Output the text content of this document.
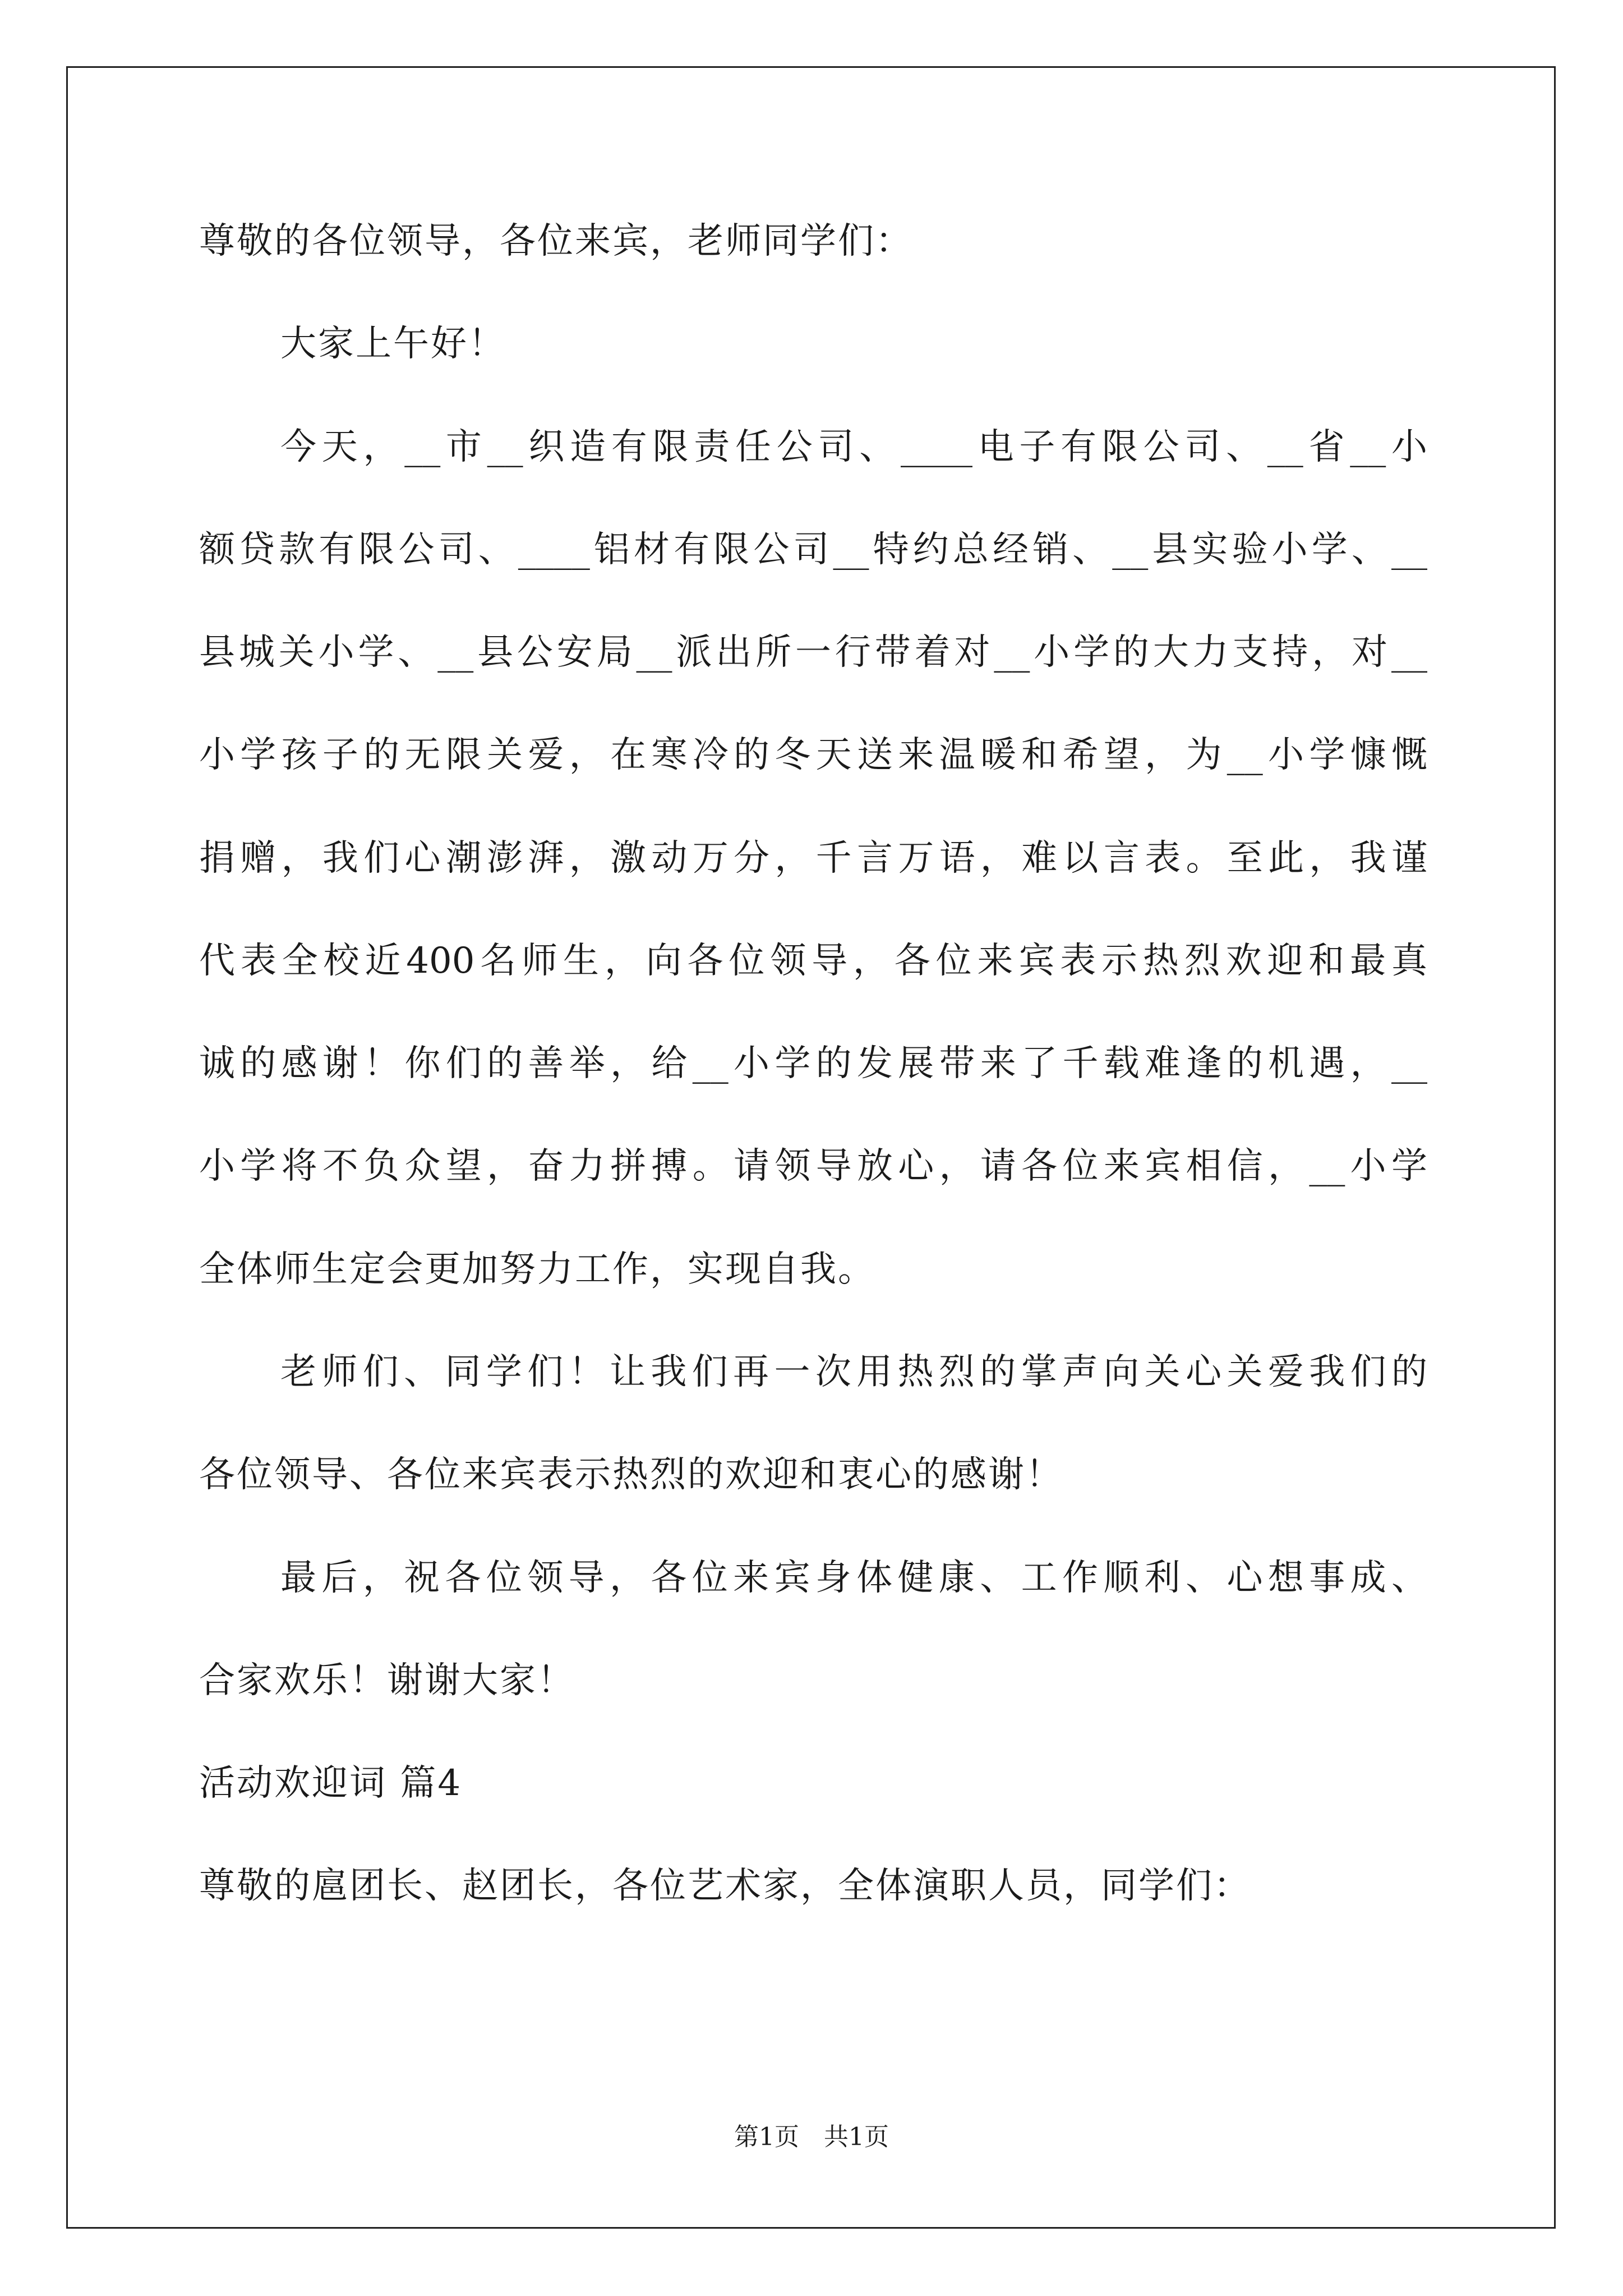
尊敬的各位领导，各位来宾，老师同学们：
大家上午好！
今天，__市__织造有限责任公司、____电子有限公司、__省__小
额贷款有限公司、____铝材有限公司__特约总经销、__县实验小学、__
县城关小学、__县公安局__派出所一行带着对__小学的大力支持，对__
小学孩子的无限关爱，在寒冷的冬天送来温暖和希望，为__小学慷慨
捐赠，我们心潮澎湃，激动万分，千言万语，难以言表。至此，我谨
代表全校近400名师生，向各位领导，各位来宾表示热烈欢迎和最真
诚的感谢！你们的善举，给__小学的发展带来了千载难逢的机遇，__
小学将不负众望，奋力拼搏。请领导放心，请各位来宾相信，__小学
全体师生定会更加努力工作，实现自我。
老师们、同学们！让我们再一次用热烈的掌声向关心关爱我们的
各位领导、各位来宾表示热烈的欢迎和衷心的感谢！
最后，祝各位领导，各位来宾身体健康、工作顺利、心想事成、
合家欢乐！谢谢大家！
活动欢迎词 篇4
尊敬的扈团长、赵团长，各位艺术家，全体演职人员，同学们：
第1页　共1页
